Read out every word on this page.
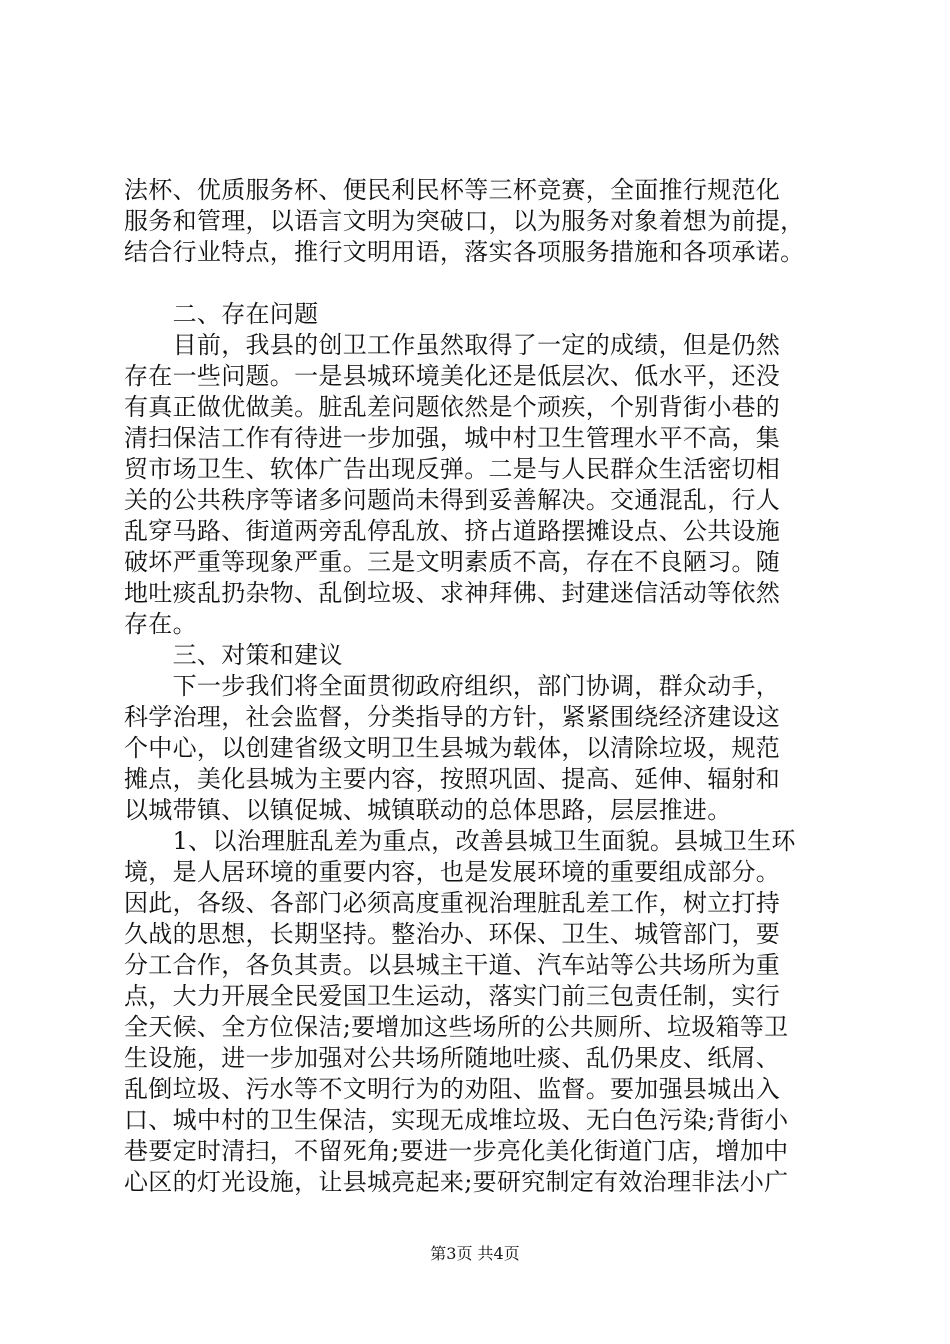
法杯、优质服务杯、便民利民杯等三杯竞赛，全面推行规范化
服务和管理，以语言文明为突破口，以为服务对象着想为前提，
结合行业特点，推行文明用语，落实各项服务措施和各项承诺。
　　二、存在问题
　　目前，我县的创卫工作虽然取得了一定的成绩，但是仍然
存在一些问题。一是县城环境美化还是低层次、低水平，还没
有真正做优做美。脏乱差问题依然是个顽疾，个别背街小巷的
清扫保洁工作有待进一步加强，城中村卫生管理水平不高，集
贸市场卫生、软体广告出现反弹。二是与人民群众生活密切相
关的公共秩序等诸多问题尚未得到妥善解决。交通混乱，行人
乱穿马路、街道两旁乱停乱放、挤占道路摆摊设点、公共设施
破坏严重等现象严重。三是文明素质不高，存在不良陋习。随
地吐痰乱扔杂物、乱倒垃圾、求神拜佛、封建迷信活动等依然
存在。
　　三、对策和建议
　　下一步我们将全面贯彻政府组织，部门协调，群众动手，
科学治理，社会监督，分类指导的方针，紧紧围绕经济建设这
个中心，以创建省级文明卫生县城为载体，以清除垃圾，规范
摊点，美化县城为主要内容，按照巩固、提高、延伸、辐射和
以城带镇、以镇促城、城镇联动的总体思路，层层推进。
　　1、以治理脏乱差为重点，改善县城卫生面貌。县城卫生环
境，是人居环境的重要内容，也是发展环境的重要组成部分。
因此，各级、各部门必须高度重视治理脏乱差工作，树立打持
久战的思想，长期坚持。整治办、环保、卫生、城管部门，要
分工合作，各负其责。以县城主干道、汽车站等公共场所为重
点，大力开展全民爱国卫生运动，落实门前三包责任制，实行
全天候、全方位保洁;要增加这些场所的公共厕所、垃圾箱等卫
生设施，进一步加强对公共场所随地吐痰、乱仍果皮、纸屑、
乱倒垃圾、污水等不文明行为的劝阻、监督。要加强县城出入
口、城中村的卫生保洁，实现无成堆垃圾、无白色污染;背街小
巷要定时清扫，不留死角;要进一步亮化美化街道门店，增加中
心区的灯光设施，让县城亮起来;要研究制定有效治理非法小广
第3页 共4页
